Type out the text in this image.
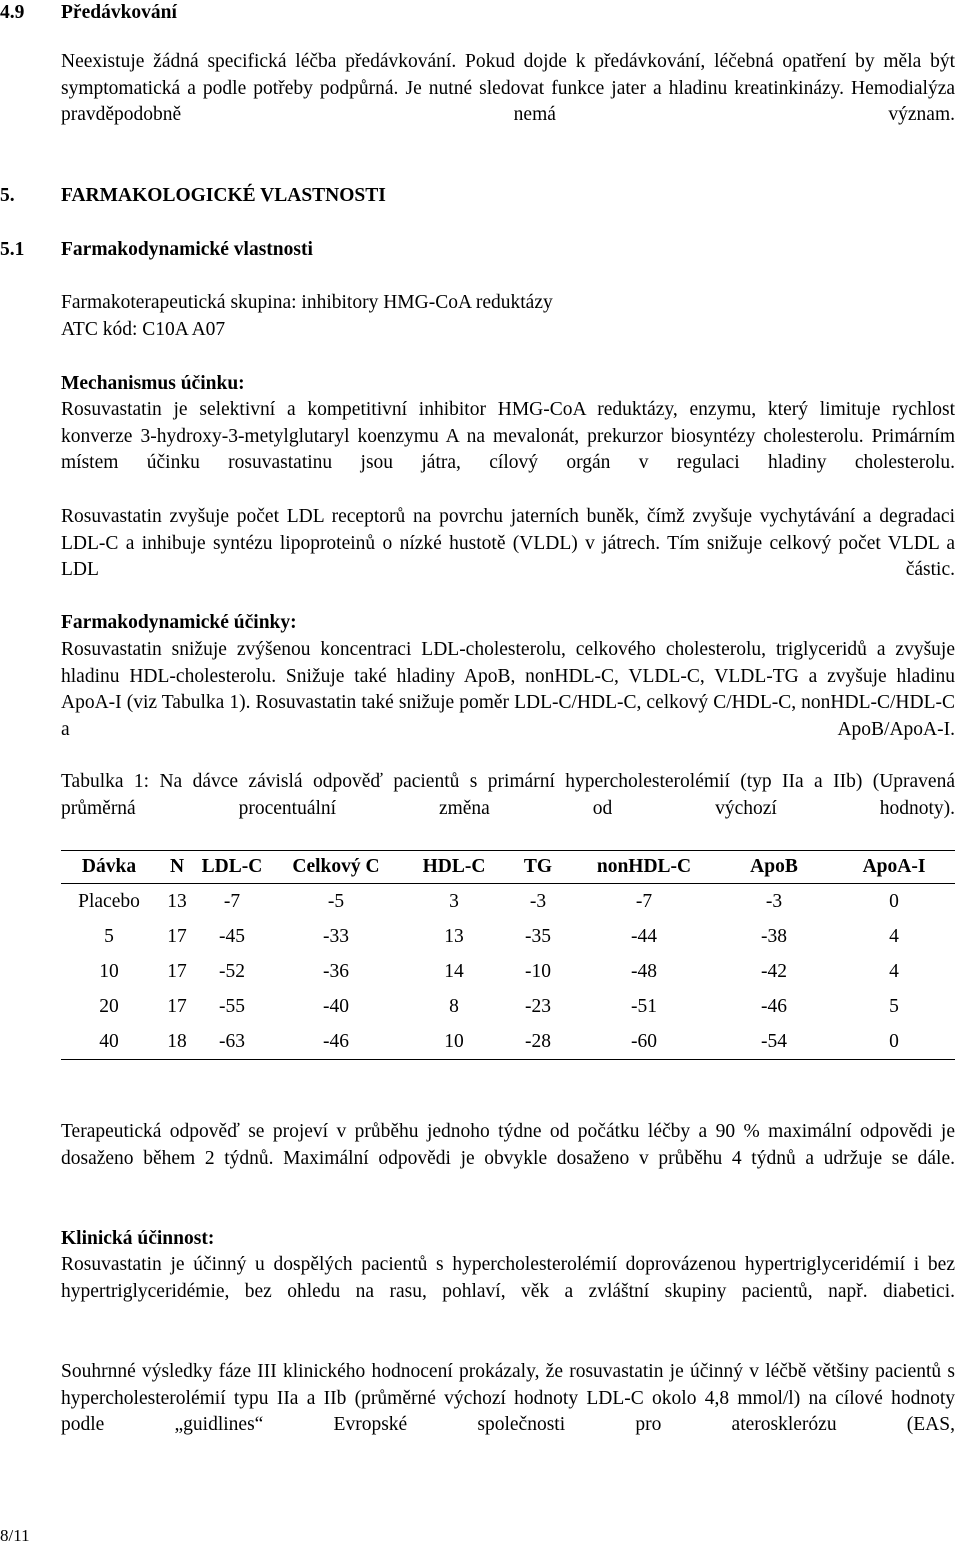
4.9 Předávkování
Neexistuje žádná specifická léčba předávkování. Pokud dojde k předávkování, léčebná opatření by měla být symptomatická a podle potřeby podpůrná. Je nutné sledovat funkce jater a hladinu kreatinkinázy. Hemodialýza pravděpodobně nemá význam.
5. FARMAKOLOGICKÉ VLASTNOSTI
5.1 Farmakodynamické vlastnosti
Farmakoterapeutická skupina: inhibitory HMG-CoA reduktázy
ATC kód: C10A A07
Mechanismus účinku:
Rosuvastatin je selektivní a kompetitivní inhibitor HMG-CoA reduktázy, enzymu, který limituje rychlost konverze 3-hydroxy-3-metylglutaryl koenzymu A na mevalonát, prekurzor biosyntézy cholesterolu. Primárním místem účinku rosuvastatinu jsou játra, cílový orgán v regulaci hladiny cholesterolu.
Rosuvastatin zvyšuje počet LDL receptorů na povrchu jaterních buněk, čímž zvyšuje vychytávání a degradaci LDL-C a inhibuje syntézu lipoproteinů o nízké hustotě (VLDL) v játrech. Tím snižuje celkový počet VLDL a LDL částic.
Farmakodynamické účinky:
Rosuvastatin snižuje zvýšenou koncentraci LDL-cholesterolu, celkového cholesterolu, triglyceridů a zvyšuje hladinu HDL-cholesterolu. Snižuje také hladiny ApoB, nonHDL-C, VLDL-C, VLDL-TG a zvyšuje hladinu ApoA-I (viz Tabulka 1). Rosuvastatin také snižuje poměr LDL-C/HDL-C, celkový C/HDL-C, nonHDL-C/HDL-C a ApoB/ApoA-I.
Tabulka 1: Na dávce závislá odpověď pacientů s primární hypercholesterolémií (typ IIa a IIb) (Upravená průměrná procentuální změna od výchozí hodnoty).
Dávka	N	LDL-C	Celkový C	HDL-C	TG	nonHDL-C	ApoB	ApoA-I
Placebo	13	-7	-5	3	-3	-7	-3	0
5	17	-45	-33	13	-35	-44	-38	4
10	17	-52	-36	14	-10	-48	-42	4
20	17	-55	-40	8	-23	-51	-46	5
40	18	-63	-46	10	-28	-60	-54	0
Terapeutická odpověď se projeví v průběhu jednoho týdne od počátku léčby a 90 % maximální odpovědi je dosaženo během 2 týdnů. Maximální odpovědi je obvykle dosaženo v průběhu 4 týdnů a udržuje se dále.
Klinická účinnost:
Rosuvastatin je účinný u dospělých pacientů s hypercholesterolémií doprovázenou hypertriglyceridémií i bez hypertriglyceridémie, bez ohledu na rasu, pohlaví, věk a zvláštní skupiny pacientů, např. diabetici.
Souhrnné výsledky fáze III klinického hodnocení prokázaly, že rosuvastatin je účinný v léčbě většiny pacientů s hypercholesterolémií typu IIa a IIb (průměrné výchozí hodnoty LDL-C okolo 4,8 mmol/l) na cílové hodnoty podle „guidlines“ Evropské společnosti pro aterosklerózu (EAS,
8/11
